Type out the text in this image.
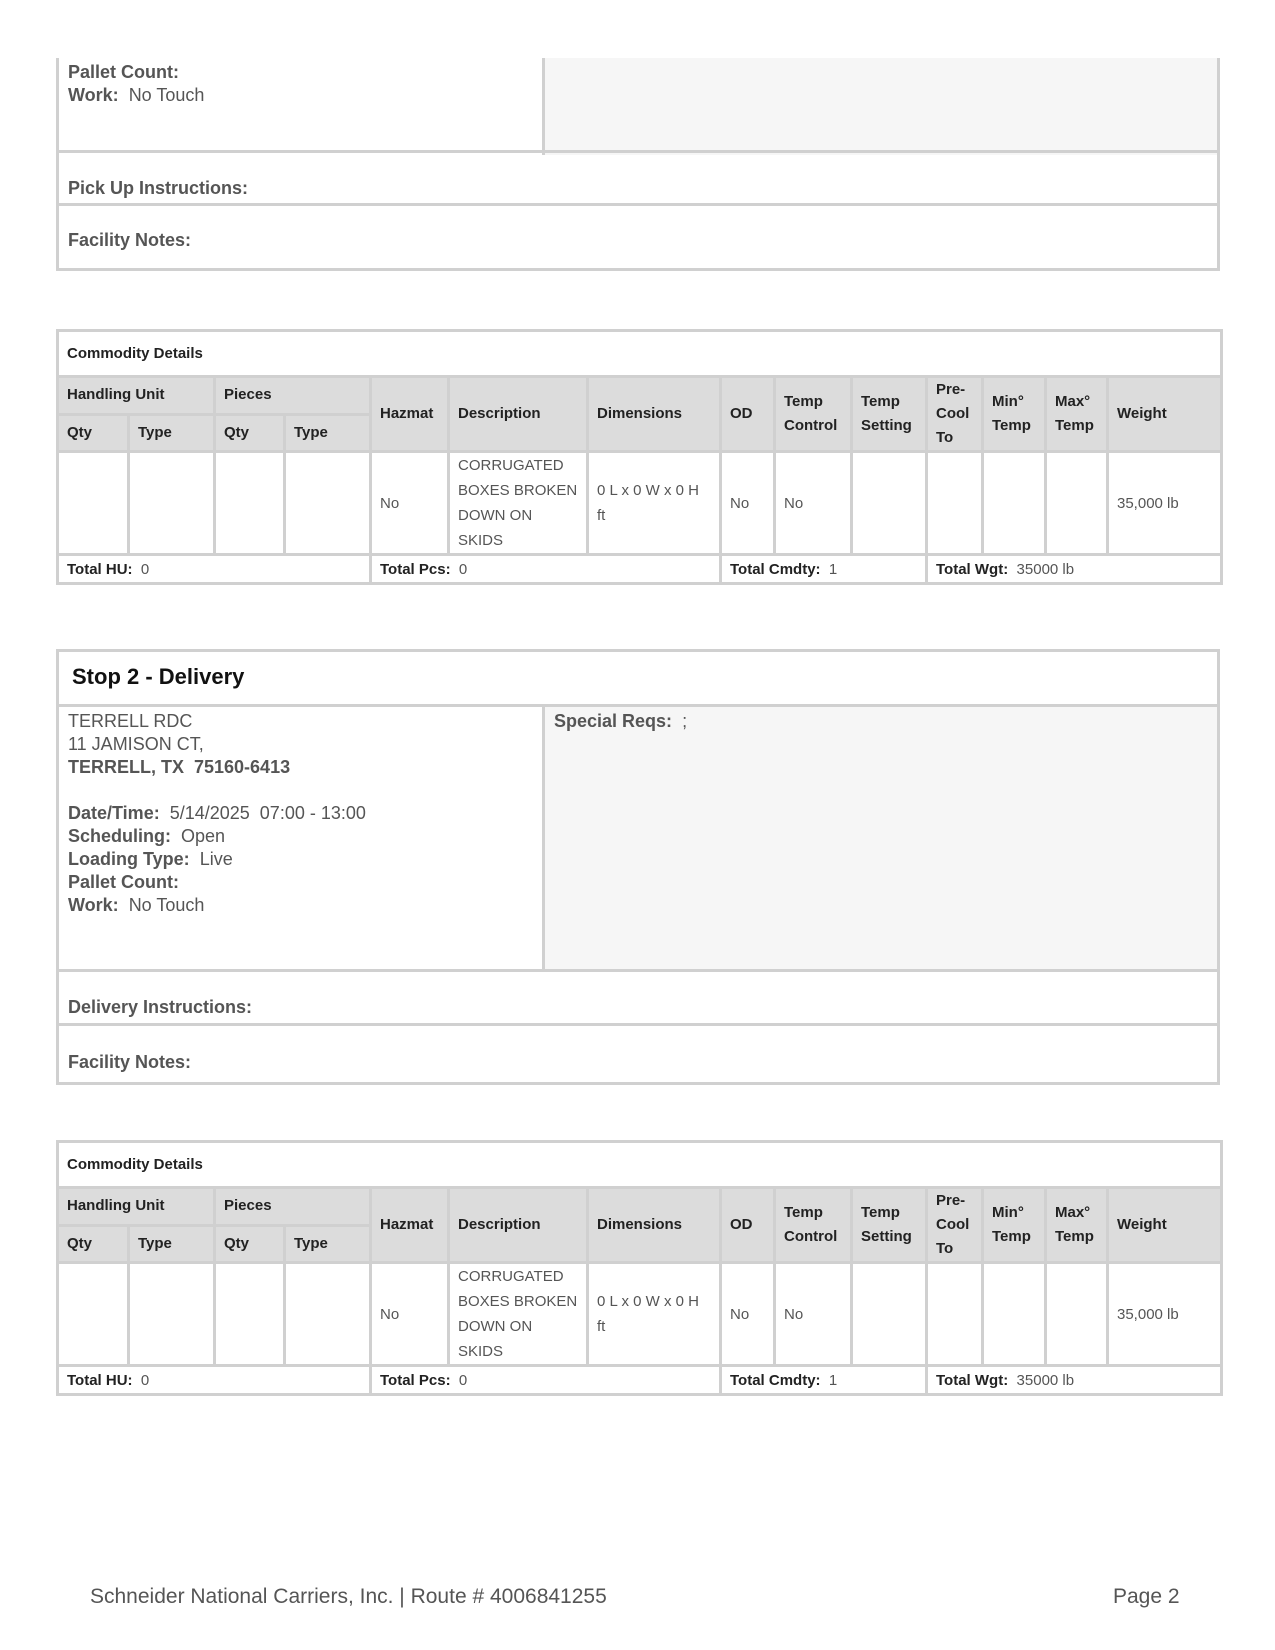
Pallet Count:
Work: No Touch
Pick Up Instructions:
Facility Notes:
Commodity Details													
Handling Unit		Pieces		Hazmat	Description	Dimensions	OD	Temp Control	Temp Setting	Pre-Cool To	Min° Temp	Max° Temp	Weight
Qty	Type	Qty	Type										
				No	CORRUGATED BOXES BROKEN DOWN ON SKIDS	0 L x 0 W x 0 H ft	No	No					35,000 lb
Total HU: 0				Total Pcs: 0			Total Cmdty: 1			Total Wgt: 35000 lb			
Stop 2 - Delivery
TERRELL RDC
11 JAMISON CT,
TERRELL, TX  75160-6413
Date/Time: 5/14/2025  07:00 - 13:00
Scheduling: Open
Loading Type: Live
Pallet Count:
Work: No Touch
Special Reqs: ;
Delivery Instructions:
Facility Notes:
Commodity Details													
Handling Unit		Pieces		Hazmat	Description	Dimensions	OD	Temp Control	Temp Setting	Pre-Cool To	Min° Temp	Max° Temp	Weight
Qty	Type	Qty	Type										
				No	CORRUGATED BOXES BROKEN DOWN ON SKIDS	0 L x 0 W x 0 H ft	No	No					35,000 lb
Total HU: 0				Total Pcs: 0			Total Cmdty: 1			Total Wgt: 35000 lb			
Schneider National Carriers, Inc. | Route # 4006841255	Page 2
